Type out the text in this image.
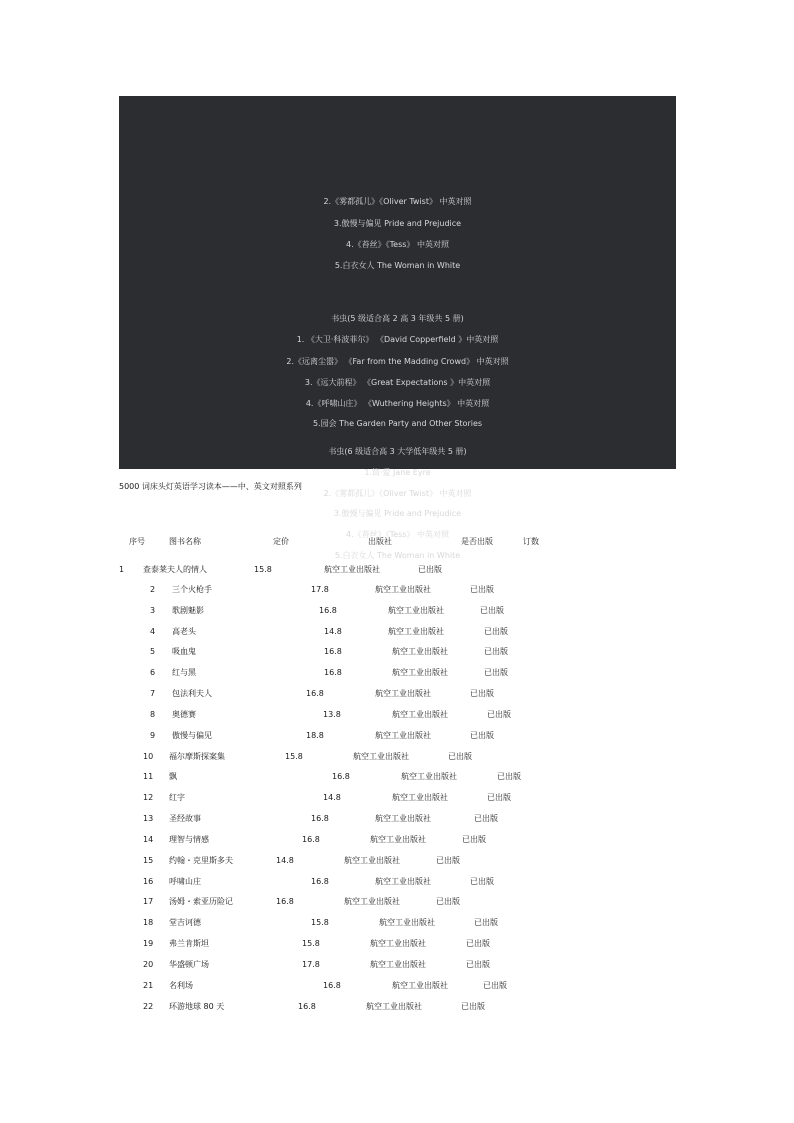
2.《雾都孤儿》《Oliver Twist》 中英对照
3.傲慢与偏见 Pride and Prejudice
4.《苔丝》《Tess》 中英对照
5.白衣女人 The Woman in White
书虫(5 级适合高 2 高 3 年级共 5 册)
1. 《大卫·科波菲尔》 《David Copperfield 》中英对照
2.《远离尘嚣》 《Far from the Madding Crowd》 中英对照
3.《远大前程》 《Great Expectations 》中英对照
4.《呼啸山庄》 《Wuthering Heights》 中英对照
5.园会 The Garden Party and Other Stories
书虫(6 级适合高 3 大学低年级共 5 册)
1.简·爱 Jane Eyre
2.《雾都孤儿》《Oliver Twist》 中英对照
3.傲慢与偏见 Pride and Prejudice
4.《苔丝》《Tess》 中英对照
5.白衣女人 The Woman in White
5000 词床头灯英语学习读本——中、英文对照系列
序号	图书名称	定价	出版社	是否出版	订数
1 查泰莱夫人的情人	15.8	航空工业出版社	已出版
2 三个火枪手	17.8	航空工业出版社	已出版
3 歌剧魅影	16.8	航空工业出版社	已出版
4 高老头	14.8	航空工业出版社	已出版
5 吸血鬼	16.8	航空工业出版社	已出版
6 红与黑	16.8	航空工业出版社	已出版
7 包法利夫人	16.8	航空工业出版社	已出版
8 奥德赛	13.8	航空工业出版社	已出版
9 傲慢与偏见	18.8	航空工业出版社	已出版
10 福尔摩斯探案集	15.8	航空工业出版社	已出版
11 飘	16.8	航空工业出版社	已出版
12 红字	14.8	航空工业出版社	已出版
13 圣经故事	16.8	航空工业出版社	已出版
14 理智与情感	16.8	航空工业出版社	已出版
15 约翰・克里斯多夫	14.8	航空工业出版社	已出版
16 呼啸山庄	16.8	航空工业出版社	已出版
17 汤姆・索亚历险记	16.8	航空工业出版社	已出版
18 堂吉诃德	15.8	航空工业出版社	已出版
19 弗兰肯斯坦	15.8	航空工业出版社	已出版
20 华盛顿广场	17.8	航空工业出版社	已出版
21 名利场	16.8	航空工业出版社	已出版
22 环游地球 80 天	16.8	航空工业出版社	已出版
